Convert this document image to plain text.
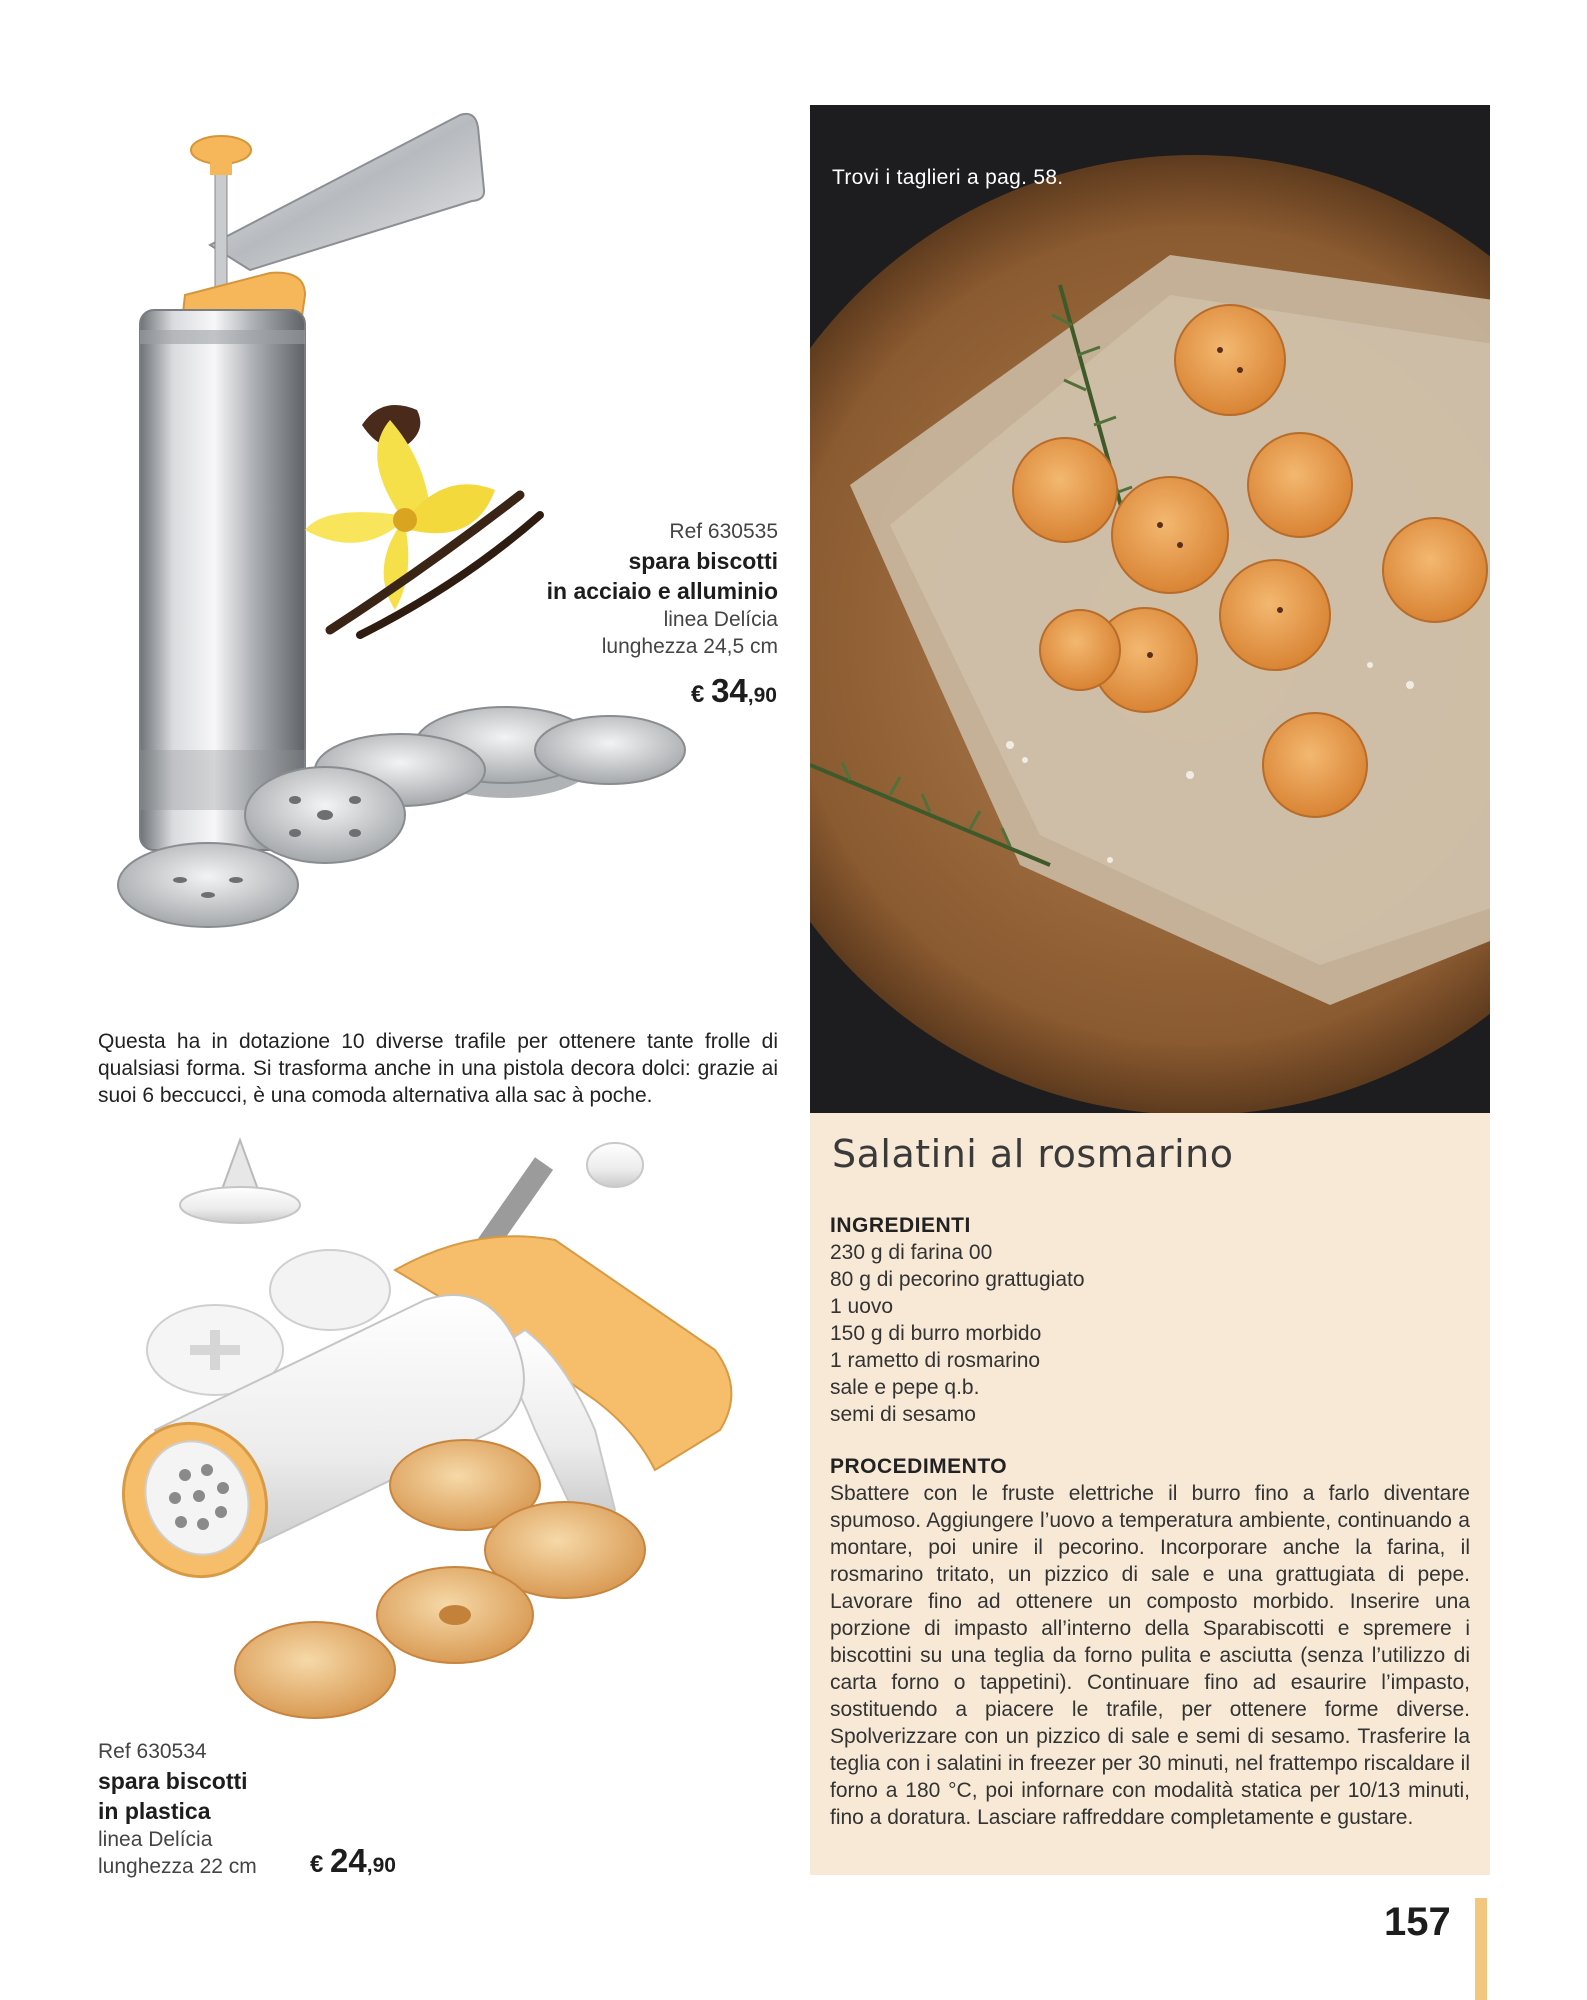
Ref 630535
spara biscotti
in acciaio e alluminio
linea Delícia
lunghezza 24,5 cm
€ 34,90
Questa ha in dotazione 10 diverse trafile per ottenere tante frolle di qualsiasi forma. Si trasforma anche in una pistola decora dolci: grazie ai suoi 6 beccucci, è una comoda alternativa alla sac à poche.
Ref 630534
spara biscotti
in plastica
linea Delícia
lunghezza 22 cm	€ 24,90
Trovi i taglieri a pag. 58.
Salatini al rosmarino
INGREDIENTI
230 g di farina 00
80 g di pecorino grattugiato
1 uovo
150 g di burro morbido
1 rametto di rosmarino
sale e pepe q.b.
semi di sesamo
PROCEDIMENTO
Sbattere con le fruste elettriche il burro fino a farlo diventare spumoso. Aggiungere l’uovo a temperatura ambiente, continuando a montare, poi unire il pecorino. Incorporare anche la farina, il rosmarino tritato, un pizzico di sale e una grattugiata di pepe. Lavorare fino ad ottenere un composto morbido. Inserire una porzione di impasto all’interno della Sparabiscotti e spremere i biscottini su una teglia da forno pulita e asciutta (senza l’utilizzo di carta forno o tappetini). Continuare fino ad esaurire l’impasto, sostituendo a piacere le trafile, per ottenere forme diverse. Spolverizzare con un pizzico di sale e semi di sesamo. Trasferire la teglia con i salatini in freezer per 30 minuti, nel frattempo riscaldare il forno a 180 °C, poi infornare con modalità statica per 10/13 minuti, fino a doratura. Lasciare raffreddare completamente e gustare.
157
